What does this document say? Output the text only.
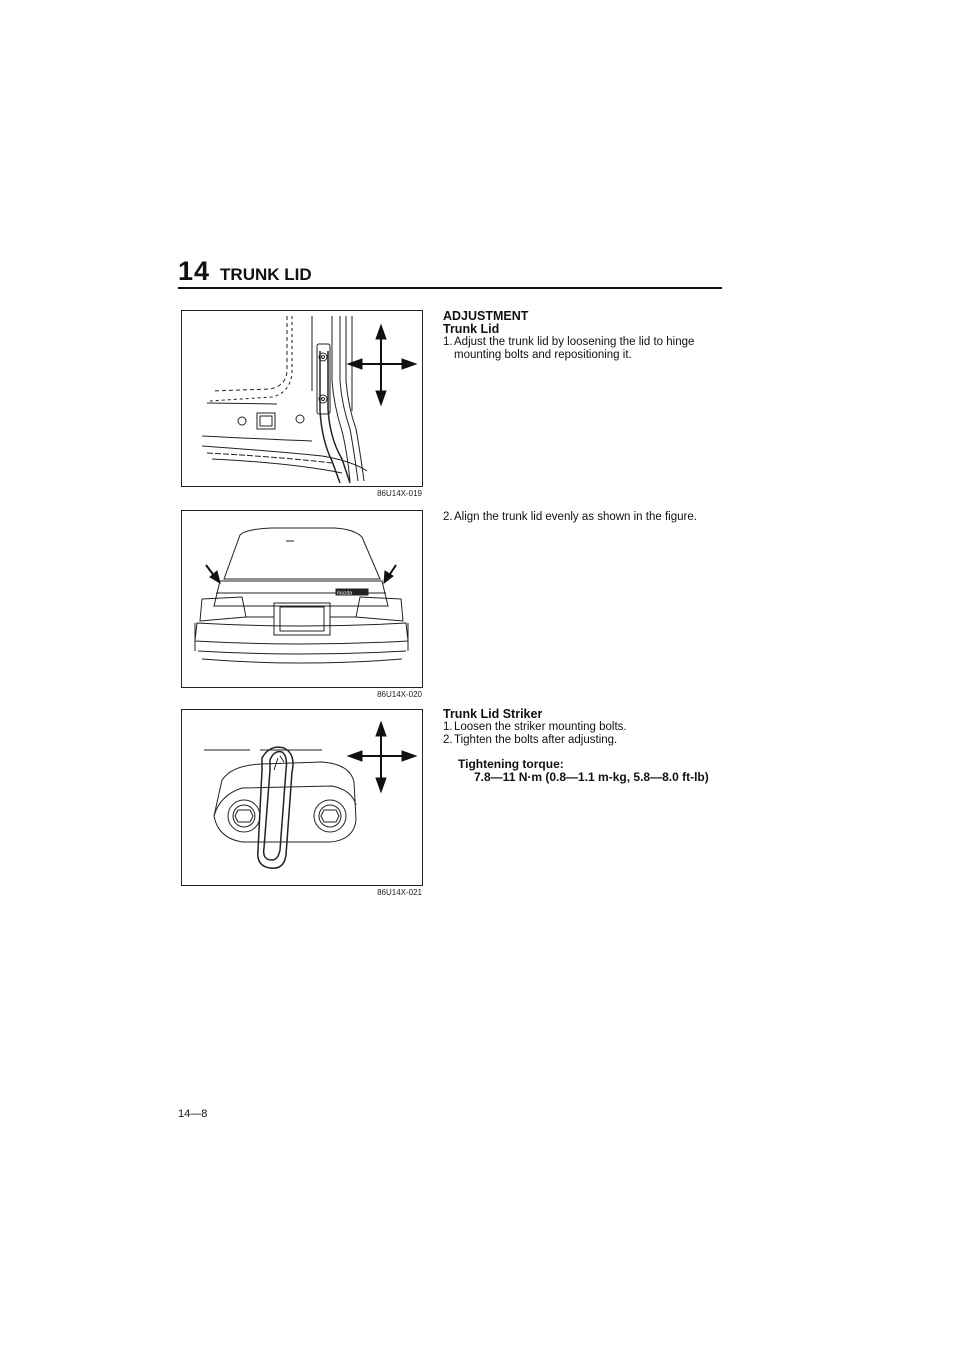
14 TRUNK LID
86U14X-019
mazda
86U14X-020
86U14X-021
ADJUSTMENT
Trunk Lid
1. Adjust the trunk lid by loosening the lid to hinge mounting bolts and repositioning it.
2. Align the trunk lid evenly as shown in the figure.
Trunk Lid Striker
1. Loosen the striker mounting bolts.
2. Tighten the bolts after adjusting.
Tightening torque:
7.8—11 N·m (0.8—1.1 m-kg, 5.8—8.0 ft-lb)
14—8
